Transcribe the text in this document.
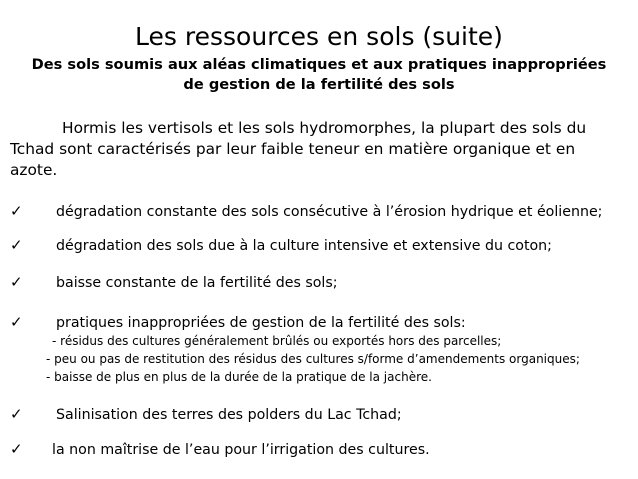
Les ressources en sols (suite)
Des sols soumis aux aléas climatiques et aux pratiques inappropriées
de gestion de la fertilité des sols
Hormis les vertisols et les sols hydromorphes, la plupart des sols du
Tchad sont caractérisés par leur faible teneur en matière organique et en
azote.
✓ dégradation constante des sols consécutive à l’érosion hydrique et éolienne;
✓ dégradation des sols due à la culture intensive et extensive du coton;
✓ baisse constante de la fertilité des sols;
✓ pratiques inappropriées de gestion de la fertilité des sols:
- résidus des cultures généralement brûlés ou exportés hors des parcelles;
- peu ou pas de restitution des résidus des cultures s/forme d’amendements organiques;
- baisse de plus en plus de la durée de la pratique de la jachère.
✓ Salinisation des terres des polders du Lac Tchad;
✓ la non maîtrise de l’eau pour l’irrigation des cultures.
